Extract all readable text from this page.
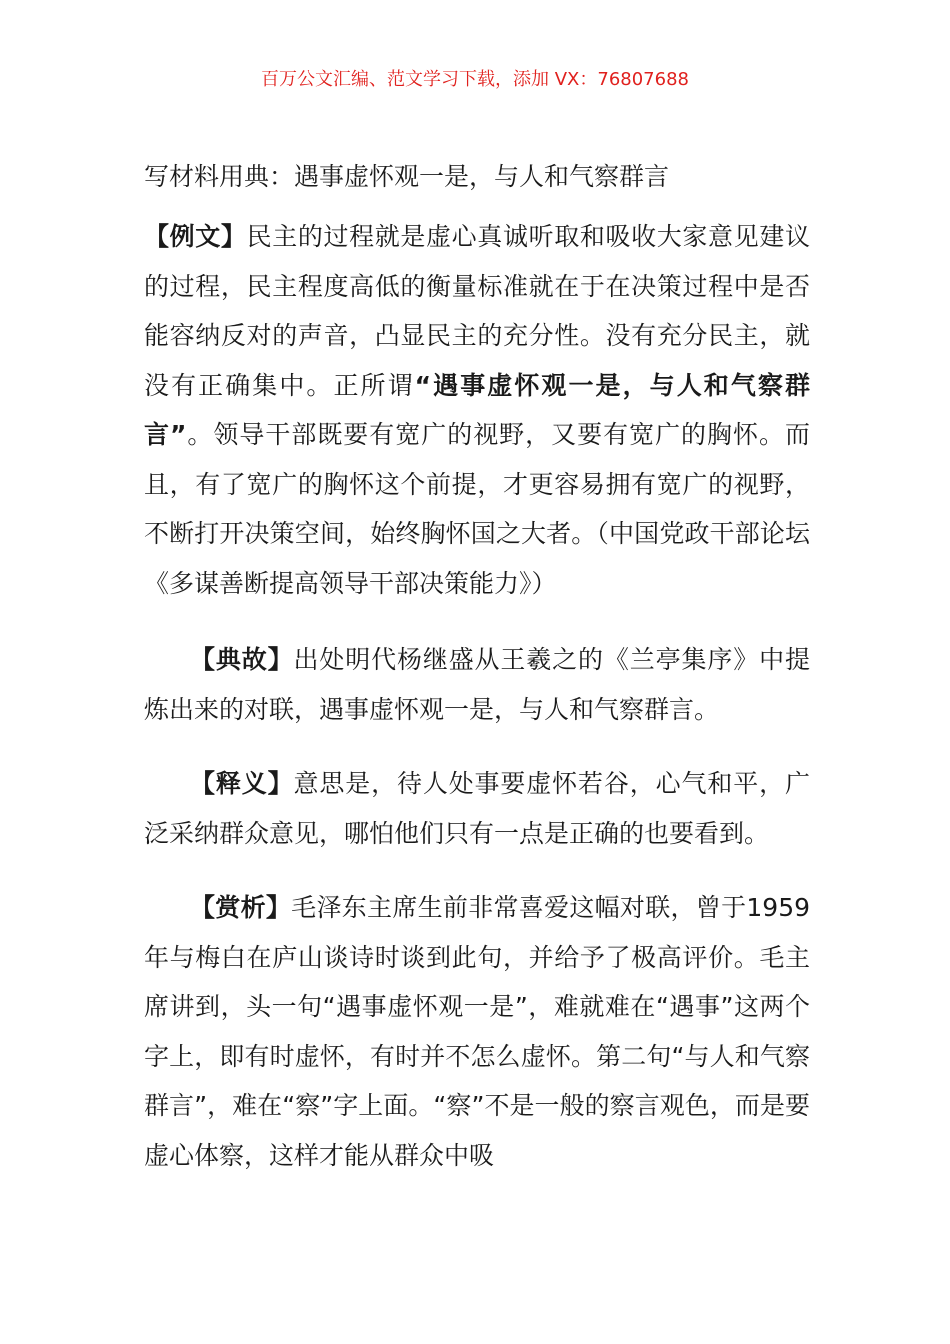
百万公文汇编、范文学习下载，添加 VX：76807688
写材料用典：遇事虚怀观一是，与人和气察群言

【例文】民主的过程就是虚心真诚听取和吸收大家意见建议的过程，民主程度高低的衡量标准就在于在决策过程中是否能容纳反对的声音，凸显民主的充分性。没有充分民主，就没有正确集中。正所谓“遇事虚怀观一是，与人和气察群言”。领导干部既要有宽广的视野，又要有宽广的胸怀。而且，有了宽广的胸怀这个前提，才更容易拥有宽广的视野，不断打开决策空间，始终胸怀国之大者。（中国党政干部论坛《多谋善断提高领导干部决策能力》）

【典故】出处明代杨继盛从王羲之的《兰亭集序》中提炼出来的对联，遇事虚怀观一是，与人和气察群言。

【释义】意思是，待人处事要虚怀若谷，心气和平，广泛采纳群众意见，哪怕他们只有一点是正确的也要看到。

【赏析】毛泽东主席生前非常喜爱这幅对联，曾于1959年与梅白在庐山谈诗时谈到此句，并给予了极高评价。毛主席讲到，头一句“遇事虚怀观一是”，难就难在“遇事”这两个字上，即有时虚怀，有时并不怎么虚怀。第二句“与人和气察群言”，难在“察”字上面。“察”不是一般的察言观色，而是要虚心体察，这样才能从群众中吸
